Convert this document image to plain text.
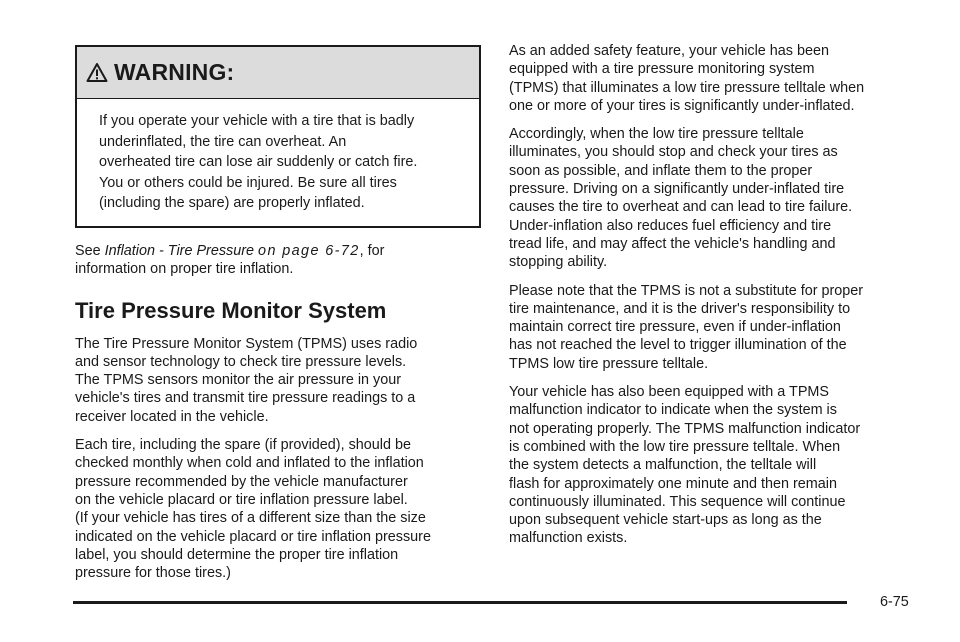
WARNING:
If you operate your vehicle with a tire that is badly
underinflated, the tire can overheat. An
overheated tire can lose air suddenly or catch fire.
You or others could be injured. Be sure all tires
(including the spare) are properly inflated.

See Inflation - Tire Pressure on page 6-72, for
information on proper tire inflation.

Tire Pressure Monitor System

The Tire Pressure Monitor System (TPMS) uses radio
and sensor technology to check tire pressure levels.
The TPMS sensors monitor the air pressure in your
vehicle's tires and transmit tire pressure readings to a
receiver located in the vehicle.

Each tire, including the spare (if provided), should be
checked monthly when cold and inflated to the inflation
pressure recommended by the vehicle manufacturer
on the vehicle placard or tire inflation pressure label.
(If your vehicle has tires of a different size than the size
indicated on the vehicle placard or tire inflation pressure
label, you should determine the proper tire inflation
pressure for those tires.)

As an added safety feature, your vehicle has been
equipped with a tire pressure monitoring system
(TPMS) that illuminates a low tire pressure telltale when
one or more of your tires is significantly under-inflated.

Accordingly, when the low tire pressure telltale
illuminates, you should stop and check your tires as
soon as possible, and inflate them to the proper
pressure. Driving on a significantly under-inflated tire
causes the tire to overheat and can lead to tire failure.
Under-inflation also reduces fuel efficiency and tire
tread life, and may affect the vehicle's handling and
stopping ability.

Please note that the TPMS is not a substitute for proper
tire maintenance, and it is the driver's responsibility to
maintain correct tire pressure, even if under-inflation
has not reached the level to trigger illumination of the
TPMS low tire pressure telltale.

Your vehicle has also been equipped with a TPMS
malfunction indicator to indicate when the system is
not operating properly. The TPMS malfunction indicator
is combined with the low tire pressure telltale. When
the system detects a malfunction, the telltale will
flash for approximately one minute and then remain
continuously illuminated. This sequence will continue
upon subsequent vehicle start-ups as long as the
malfunction exists.

6-75
